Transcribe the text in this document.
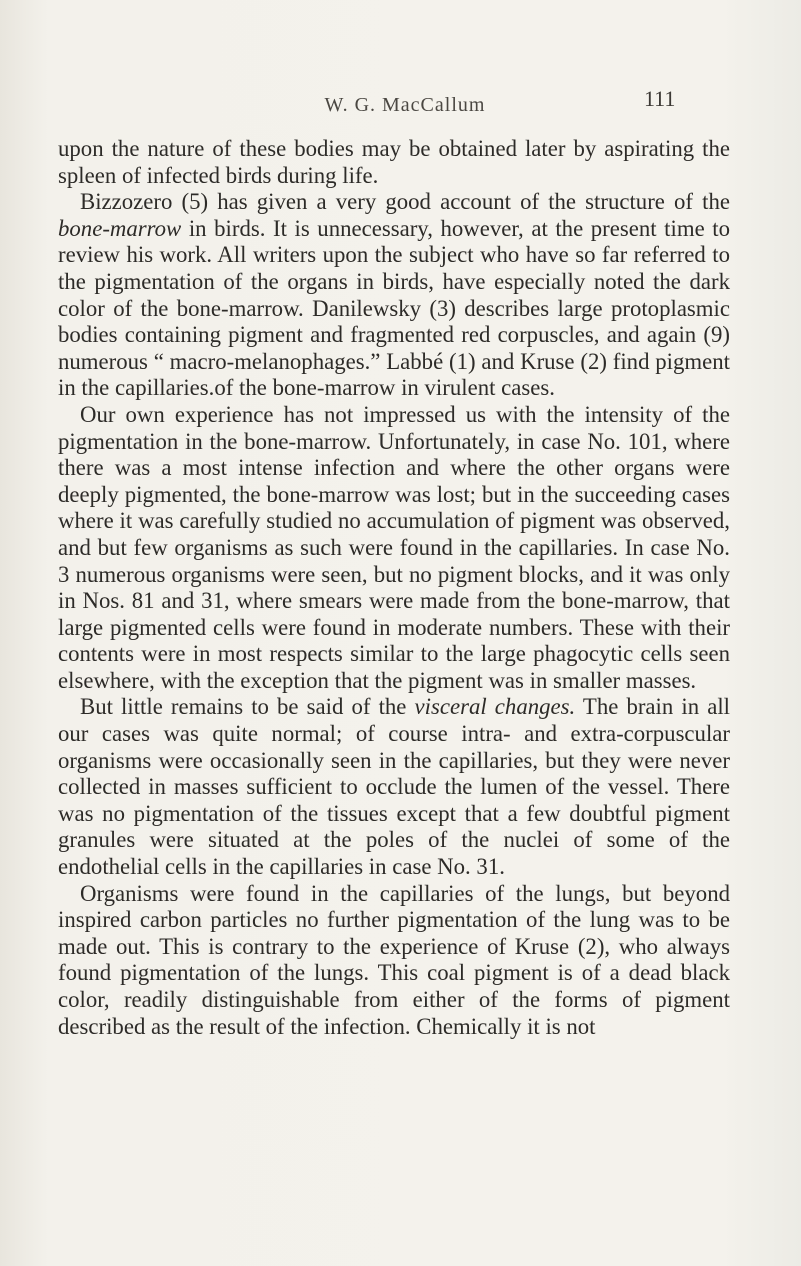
W. G. MacCallum	111

upon the nature of these bodies may be obtained later by aspirating the spleen of infected birds during life.

Bizzozero (5) has given a very good account of the structure of the bone-marrow in birds. It is unnecessary, however, at the present time to review his work. All writers upon the subject who have so far referred to the pigmentation of the organs in birds, have especially noted the dark color of the bone-marrow. Danilewsky (3) describes large protoplasmic bodies containing pigment and fragmented red corpuscles, and again (9) numerous “ macro-melanophages.” Labbé (1) and Kruse (2) find pigment in the capillaries.of the bone-marrow in virulent cases.

Our own experience has not impressed us with the intensity of the pigmentation in the bone-marrow. Unfortunately, in case No. 101, where there was a most intense infection and where the other organs were deeply pigmented, the bone-marrow was lost; but in the succeeding cases where it was carefully studied no accumulation of pigment was observed, and but few organisms as such were found in the capillaries. In case No. 3 numerous organisms were seen, but no pigment blocks, and it was only in Nos. 81 and 31, where smears were made from the bone-marrow, that large pigmented cells were found in moderate numbers. These with their contents were in most respects similar to the large phagocytic cells seen elsewhere, with the exception that the pigment was in smaller masses.

But little remains to be said of the visceral changes. The brain in all our cases was quite normal; of course intra- and extra-corpuscular organisms were occasionally seen in the capillaries, but they were never collected in masses sufficient to occlude the lumen of the vessel. There was no pigmentation of the tissues except that a few doubtful pigment granules were situated at the poles of the nuclei of some of the endothelial cells in the capillaries in case No. 31.

Organisms were found in the capillaries of the lungs, but beyond inspired carbon particles no further pigmentation of the lung was to be made out. This is contrary to the experience of Kruse (2), who always found pigmentation of the lungs. This coal pigment is of a dead black color, readily distinguishable from either of the forms of pigment described as the result of the infection. Chemically it is not
